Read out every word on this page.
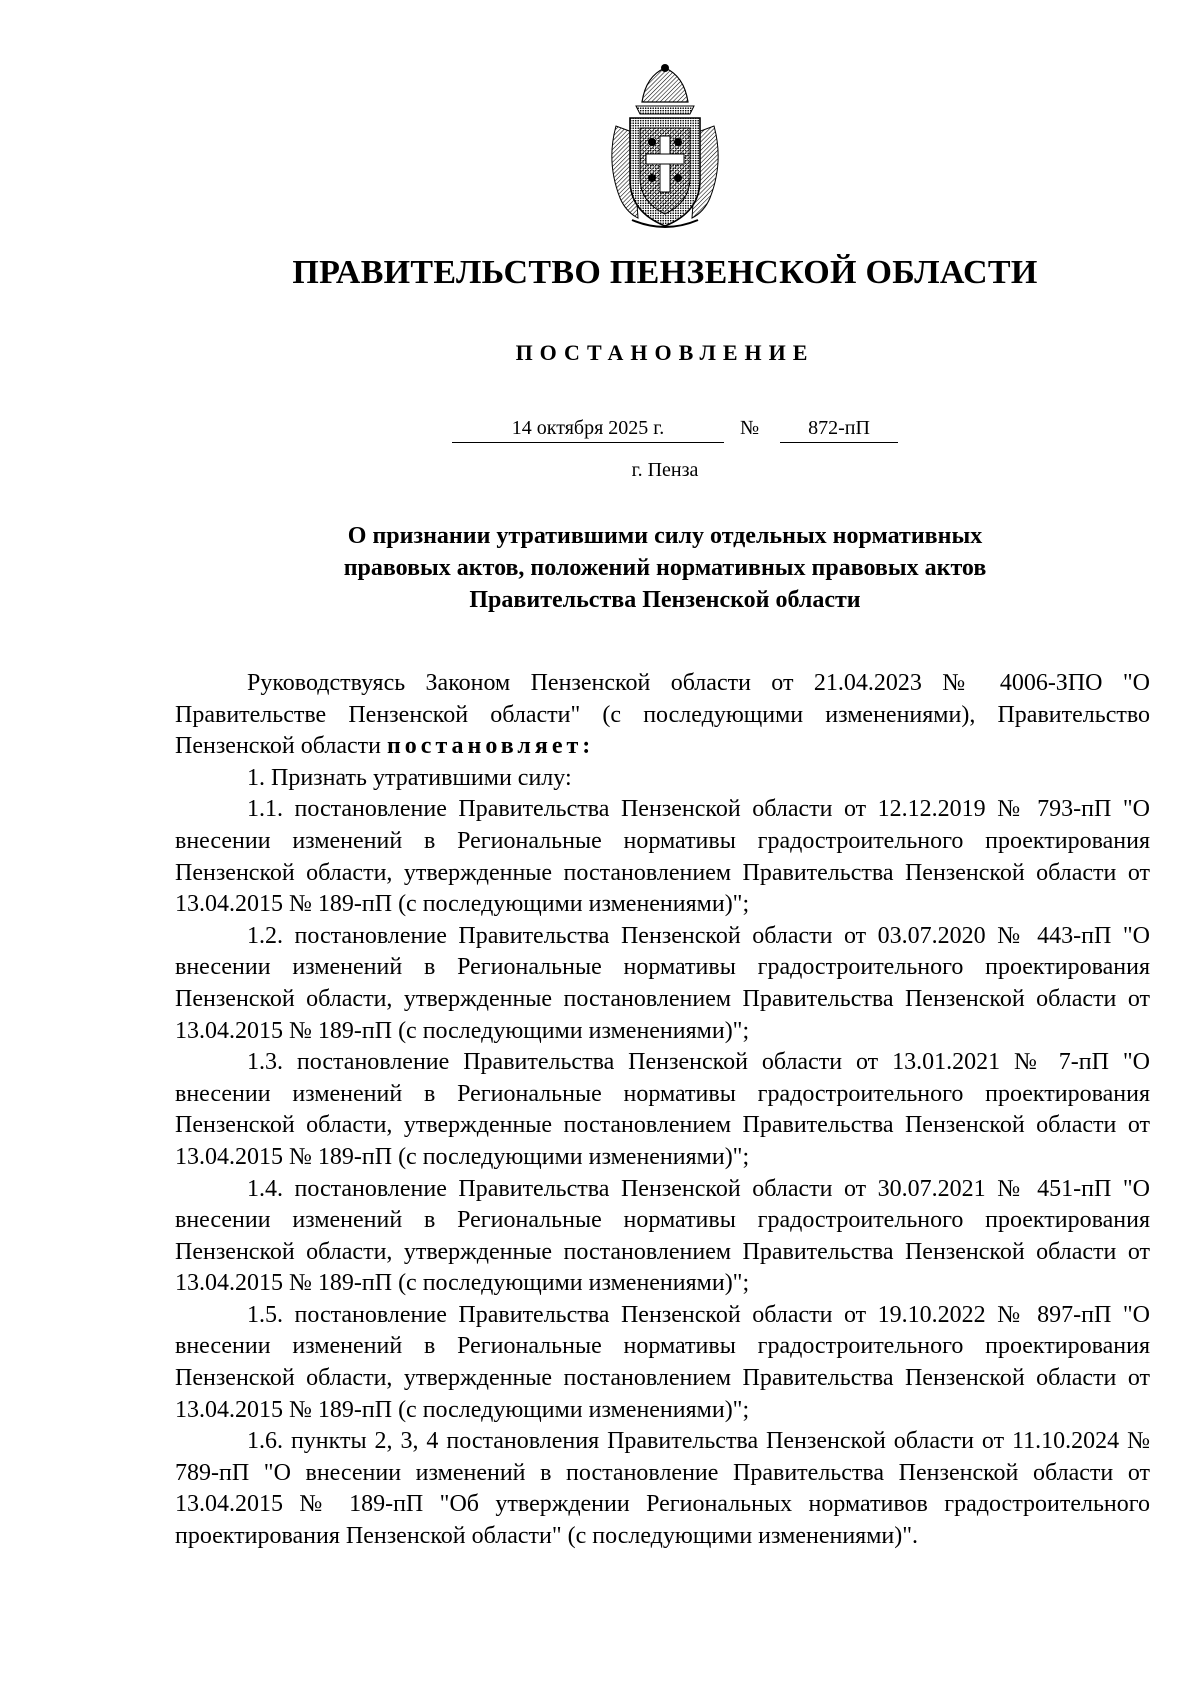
ПРАВИТЕЛЬСТВО ПЕНЗЕНСКОЙ ОБЛАСТИ
ПОСТАНОВЛЕНИЕ
14 октября 2025 г.	№	872-пП
г. Пенза
О признании утратившими силу отдельных нормативных
правовых актов, положений нормативных правовых актов
Правительства Пензенской области

Руководствуясь Законом Пензенской области от 21.04.2023 № 4006-ЗПО "О Правительстве Пензенской области" (с последующими изменениями), Правительство Пензенской области постановляет:

1. Признать утратившими силу:

1.1. постановление Правительства Пензенской области от 12.12.2019 № 793-пП "О внесении изменений в Региональные нормативы градостроительного проектирования Пензенской области, утвержденные постановлением Правительства Пензенской области от 13.04.2015 № 189-пП (с последующими изменениями)";

1.2. постановление Правительства Пензенской области от 03.07.2020 № 443-пП "О внесении изменений в Региональные нормативы градостроительного проектирования Пензенской области, утвержденные постановлением Правительства Пензенской области от 13.04.2015 № 189-пП (с последующими изменениями)";

1.3. постановление Правительства Пензенской области от 13.01.2021 № 7-пП "О внесении изменений в Региональные нормативы градостроительного проектирования Пензенской области, утвержденные постановлением Правительства Пензенской области от 13.04.2015 № 189-пП (с последующими изменениями)";

1.4. постановление Правительства Пензенской области от 30.07.2021 № 451-пП "О внесении изменений в Региональные нормативы градостроительного проектирования Пензенской области, утвержденные постановлением Правительства Пензенской области от 13.04.2015 № 189-пП (с последующими изменениями)";

1.5. постановление Правительства Пензенской области от 19.10.2022 № 897-пП "О внесении изменений в Региональные нормативы градостроительного проектирования Пензенской области, утвержденные постановлением Правительства Пензенской области от 13.04.2015 № 189-пП (с последующими изменениями)";

1.6. пункты 2, 3, 4 постановления Правительства Пензенской области от 11.10.2024 № 789-пП "О внесении изменений в постановление Правительства Пензенской области от 13.04.2015 № 189-пП "Об утверждении Региональных нормативов градостроительного проектирования Пензенской области" (с последующими изменениями)".
